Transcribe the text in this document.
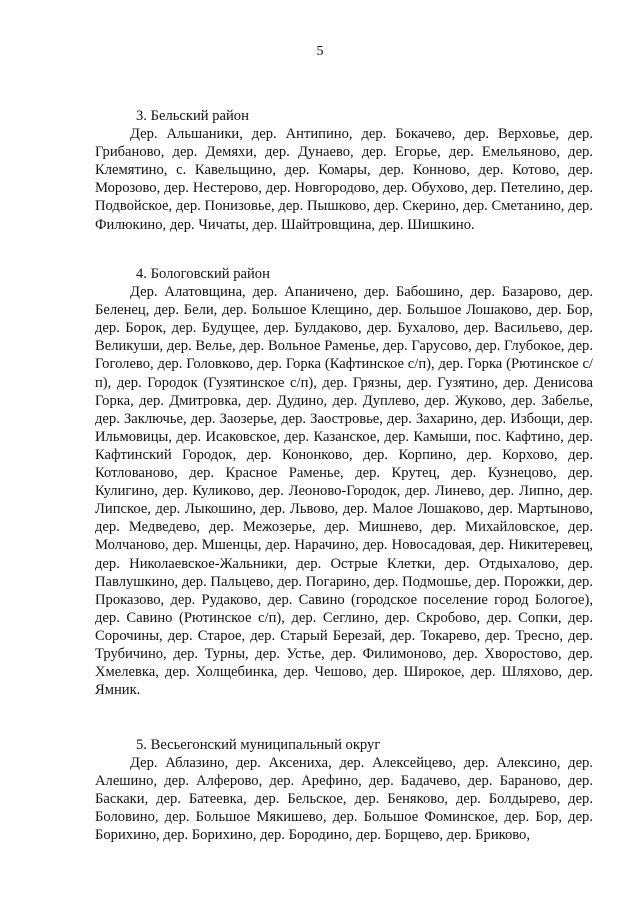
5
3. Бельский район
Дер. Альшаники, дер. Антипино, дер. Бокачево, дер. Верховье, дер. Грибаново, дер. Демяхи, дер. Дунаево, дер. Егорье, дер. Емельяново, дер. Клемятино, с. Кавельщино, дер. Комары, дер. Конново, дер. Котово, дер. Морозово, дер. Нестерово, дер. Новгородово, дер. Обухово, дер. Петелино, дер. Подвойское, дер. Понизовье, дер. Пышково, дер. Скерино, дер. Сметанино, дер. Филюкино, дер. Чичаты, дер. Шайтровщина, дер. Шишкино.
4. Бологовский район
Дер. Алатовщина, дер. Апаничено, дер. Бабошино, дер. Базарово, дер. Беленец, дер. Бели, дер. Большое Клещино, дер. Большое Лошаково, дер. Бор, дер. Борок, дер. Будущее, дер. Булдаково, дер. Бухалово, дер. Васильево, дер. Великуши, дер. Велье, дер. Вольное Раменье, дер. Гарусово, дер. Глубокое, дер. Гоголево, дер. Головково, дер. Горка (Кафтинское с/п), дер. Горка (Рютинское с/п), дер. Городок (Гузятинское с/п), дер. Грязны, дер. Гузятино, дер. Денисова Горка, дер. Дмитровка, дер. Дудино, дер. Дуплево, дер. Жуково, дер. Забелье, дер. Заключье, дер. Заозерье, дер. Заостровье, дер. Захарино, дер. Избощи, дер. Ильмовицы, дер. Исаковское, дер. Казанское, дер. Камыши, пос. Кафтино, дер. Кафтинский Городок, дер. Кононково, дер. Корпино, дер. Корхово, дер. Котлованово, дер. Красное Раменье, дер. Крутец, дер. Кузнецово, дер. Кулигино, дер. Куликово, дер. Леоново-Городок, дер. Линево, дер. Липно, дер. Липское, дер. Лыкошино, дер. Львово, дер. Малое Лошаково, дер. Мартыново, дер. Медведево, дер. Межозерье, дер. Мишнево, дер. Михайловское, дер. Молчаново, дер. Мшенцы, дер. Нарачино, дер. Новосадовая, дер. Никитеревец, дер. Николаевское-Жальники, дер. Острые Клетки, дер. Отдыхалово, дер. Павлушкино, дер. Пальцево, дер. Погарино, дер. Подмошье, дер. Порожки, дер. Проказово, дер. Рудаково, дер. Савино (городское поселение город Бологое), дер. Савино (Рютинское с/п), дер. Сеглино, дер. Скробово, дер. Сопки, дер. Сорочины, дер. Старое, дер. Старый Березай, дер. Токарево, дер. Тресно, дер. Трубичино, дер. Турны, дер. Устье, дер. Филимоново, дер. Хворостово, дер. Хмелевка, дер. Холщебинка, дер. Чешово, дер. Широкое, дер. Шляхово, дер. Ямник.
5. Весьегонский муниципальный округ
Дер. Аблазино, дер. Аксениха, дер. Алексейцево, дер. Алексино, дер. Алешино, дер. Алферово, дер. Арефино, дер. Бадачево, дер. Бараново, дер. Баскаки, дер. Батеевка, дер. Бельское, дер. Беняково, дер. Болдырево, дер. Боловино, дер. Большое Мякишево, дер. Большое Фоминское, дер. Бор, дер. Борихино, дер. Борихино, дер. Бородино, дер. Борщево, дер. Бриково,
